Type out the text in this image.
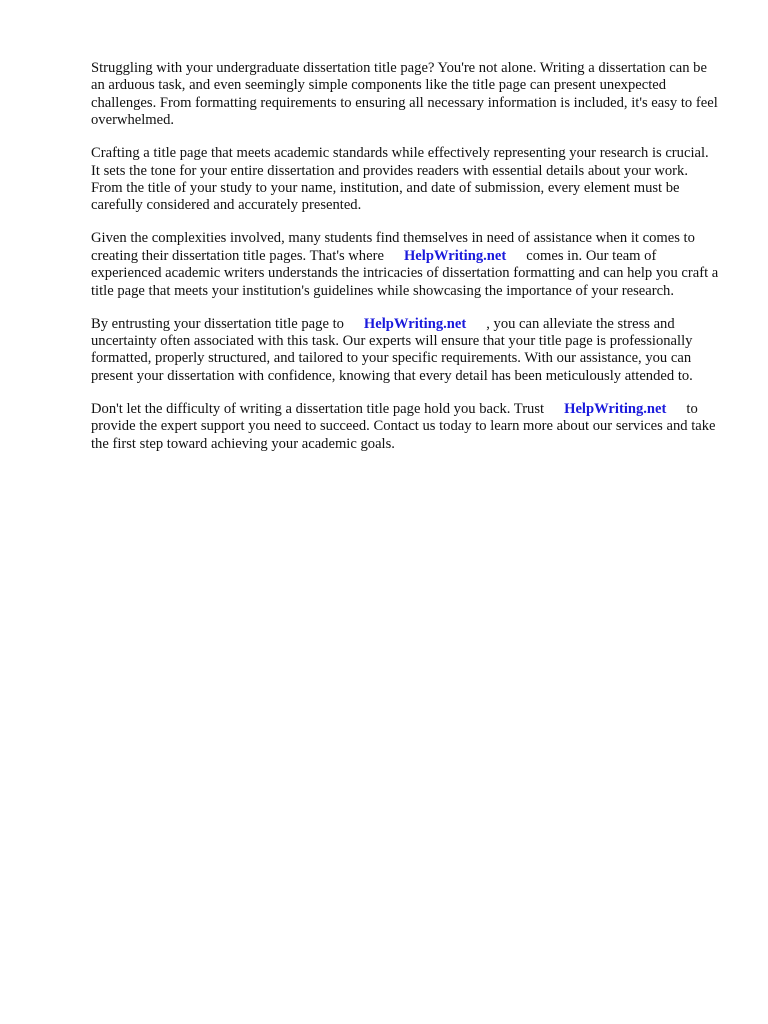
Struggling with your undergraduate dissertation title page? You're not alone. Writing a dissertation can be an arduous task, and even seemingly simple components like the title page can present unexpected challenges. From formatting requirements to ensuring all necessary information is included, it's easy to feel overwhelmed.

Crafting a title page that meets academic standards while effectively representing your research is crucial. It sets the tone for your entire dissertation and provides readers with essential details about your work. From the title of your study to your name, institution, and date of submission, every element must be carefully considered and accurately presented.

Given the complexities involved, many students find themselves in need of assistance when it comes to creating their dissertation title pages. That's where HelpWriting.net comes in. Our team of experienced academic writers understands the intricacies of dissertation formatting and can help you craft a title page that meets your institution's guidelines while showcasing the importance of your research.

By entrusting your dissertation title page to HelpWriting.net , you can alleviate the stress and uncertainty often associated with this task. Our experts will ensure that your title page is professionally formatted, properly structured, and tailored to your specific requirements. With our assistance, you can present your dissertation with confidence, knowing that every detail has been meticulously attended to.

Don't let the difficulty of writing a dissertation title page hold you back. Trust HelpWriting.net to provide the expert support you need to succeed. Contact us today to learn more about our services and take the first step toward achieving your academic goals.
